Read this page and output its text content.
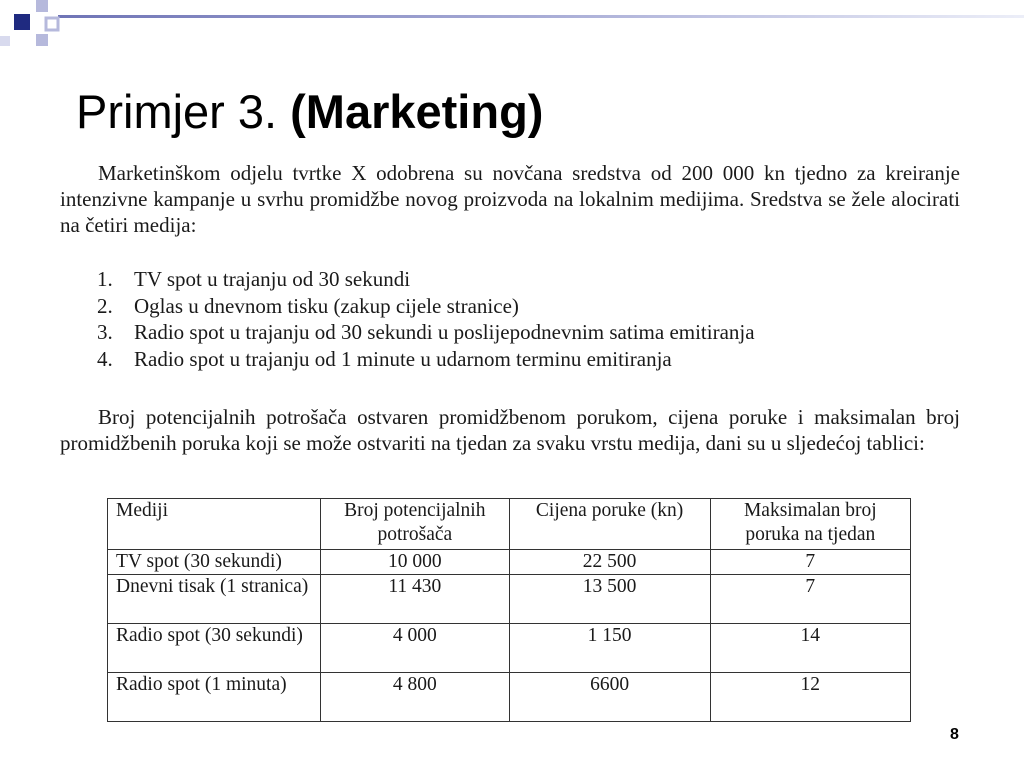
Primjer 3. (Marketing)
Marketinškom odjelu tvrtke X odobrena su novčana sredstva od 200 000 kn tjedno za kreiranje intenzivne kampanje u svrhu promidžbe novog proizvoda na lokalnim medijima. Sredstva se žele alocirati na četiri medija:
1. TV spot u trajanju od 30 sekundi
2. Oglas u dnevnom tisku (zakup cijele stranice)
3. Radio spot u trajanju od 30 sekundi u poslijepodnevnim satima emitiranja
4. Radio spot u trajanju od 1 minute u udarnom terminu emitiranja
Broj potencijalnih potrošača ostvaren promidžbenom porukom, cijena poruke i maksimalan broj promidžbenih poruka koji se može ostvariti na tjedan za svaku vrstu medija, dani su u sljedećoj tablici:
Mediji	Broj potencijalnih potrošača	Cijena poruke (kn)	Maksimalan broj poruka na tjedan
TV spot (30 sekundi)	10 000	22 500	7
Dnevni tisak (1 stranica)	11 430	13 500	7
Radio spot (30 sekundi)	4 000	1 150	14
Radio spot (1 minuta)	4 800	6600	12
8
